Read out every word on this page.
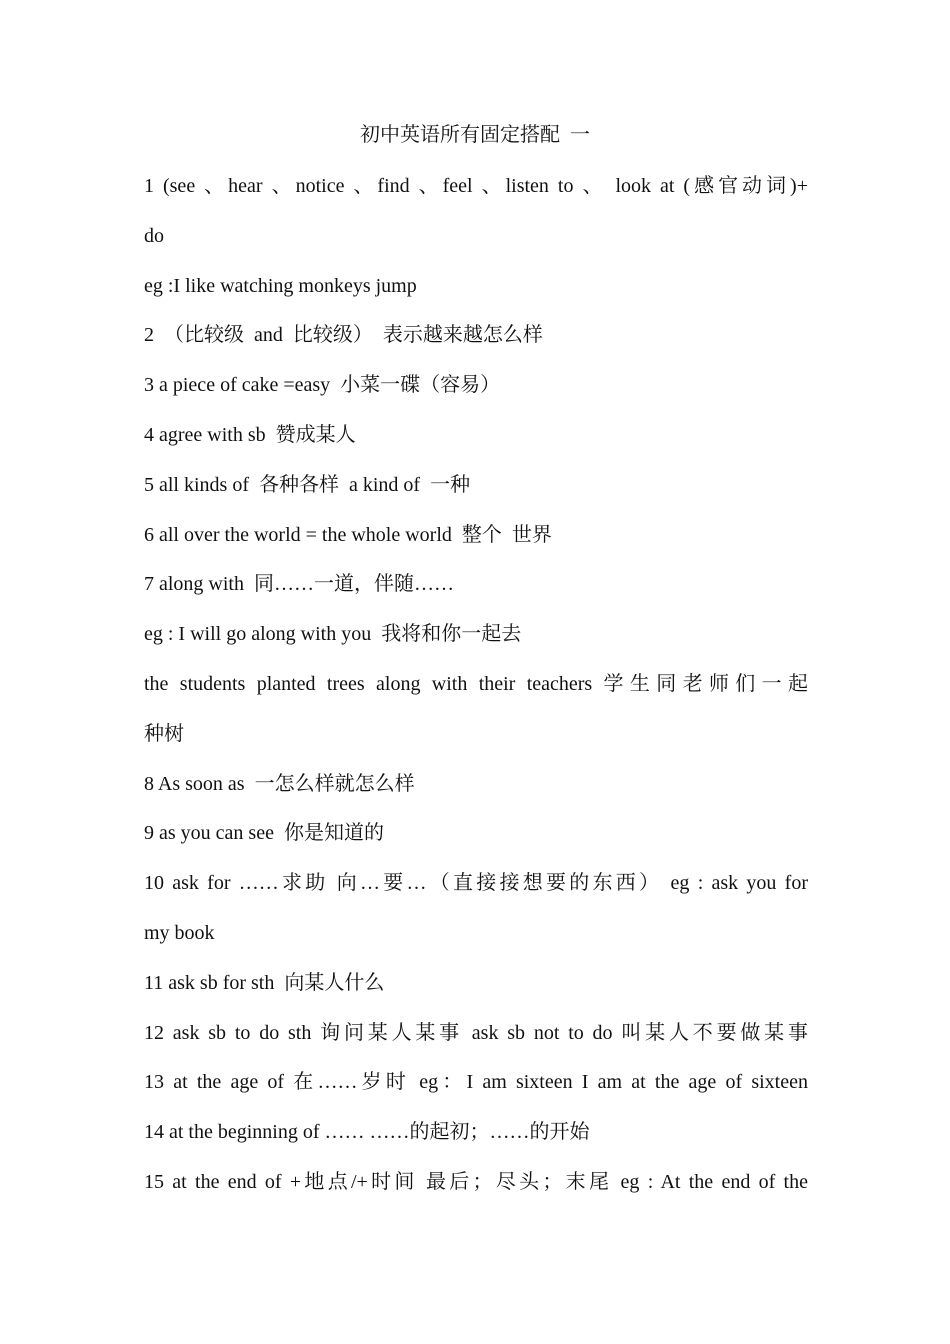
初中英语所有固定搭配  一
1 (see 、hear 、notice 、find 、feel 、listen to 、 look at (感官动词)+
do
eg :I like watching monkeys jump
2  （比较级  and  比较级）  表示越来越怎么样
3 a piece of cake =easy  小菜一碟（容易）
4 agree with sb  赞成某人
5 all kinds of  各种各样  a kind of  一种
6 all over the world = the whole world  整个  世界
7 along with  同……一道，伴随……
eg : I will go along with you  我将和你一起去
the students planted trees along with their teachers 学生同老师们一起
种树
8 As soon as  一怎么样就怎么样
9 as you can see  你是知道的
10 ask for ……求助 向…要…（直接接想要的东西） eg : ask you for
my book
11 ask sb for sth  向某人什么
12 ask sb to do sth 询问某人某事 ask sb not to do 叫某人不要做某事
13 at the age of 在……岁时 eg：I am sixteen I am at the age of sixteen
14 at the beginning of …… ……的起初；……的开始
15 at the end of +地点/+时间 最后；尽头；末尾 eg : At the end of the
